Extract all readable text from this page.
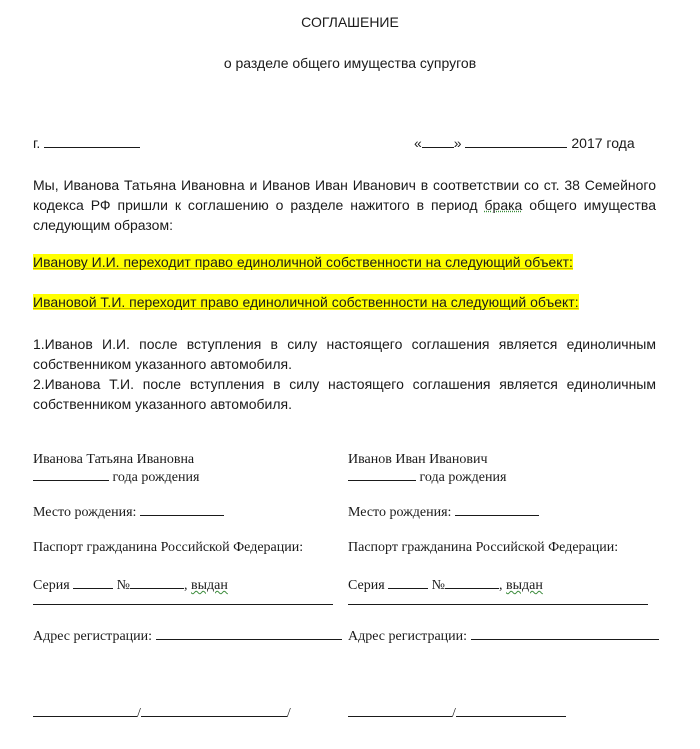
СОГЛАШЕНИЕ
о разделе общего имущества супругов
г.	« »	2017 года
Мы, Иванова Татьяна Ивановна и Иванов Иван Иванович в соответствии со ст. 38 Семейного
кодекса РФ пришли к соглашению о разделе нажитого в период брака общего имущества
следующим образом:
Иванову И.И. переходит право единоличной собственности на следующий объект:
Ивановой Т.И. переходит право единоличной собственности на следующий объект:
1.Иванов И.И. после вступления в силу настоящего соглашения является единоличным
собственником указанного автомобиля.
2.Иванова Т.И. после вступления в силу настоящего соглашения является единоличным
собственником указанного автомобиля.
Иванова Татьяна Ивановна
года рождения
Место рождения:
Паспорт гражданина Российской Федерации:
Серия	№	, выдан
Адрес регистрации:
/	/
Иванов Иван Иванович
года рождения
Место рождения:
Паспорт гражданина Российской Федерации:
Серия	№	, выдан
Адрес регистрации:
/
